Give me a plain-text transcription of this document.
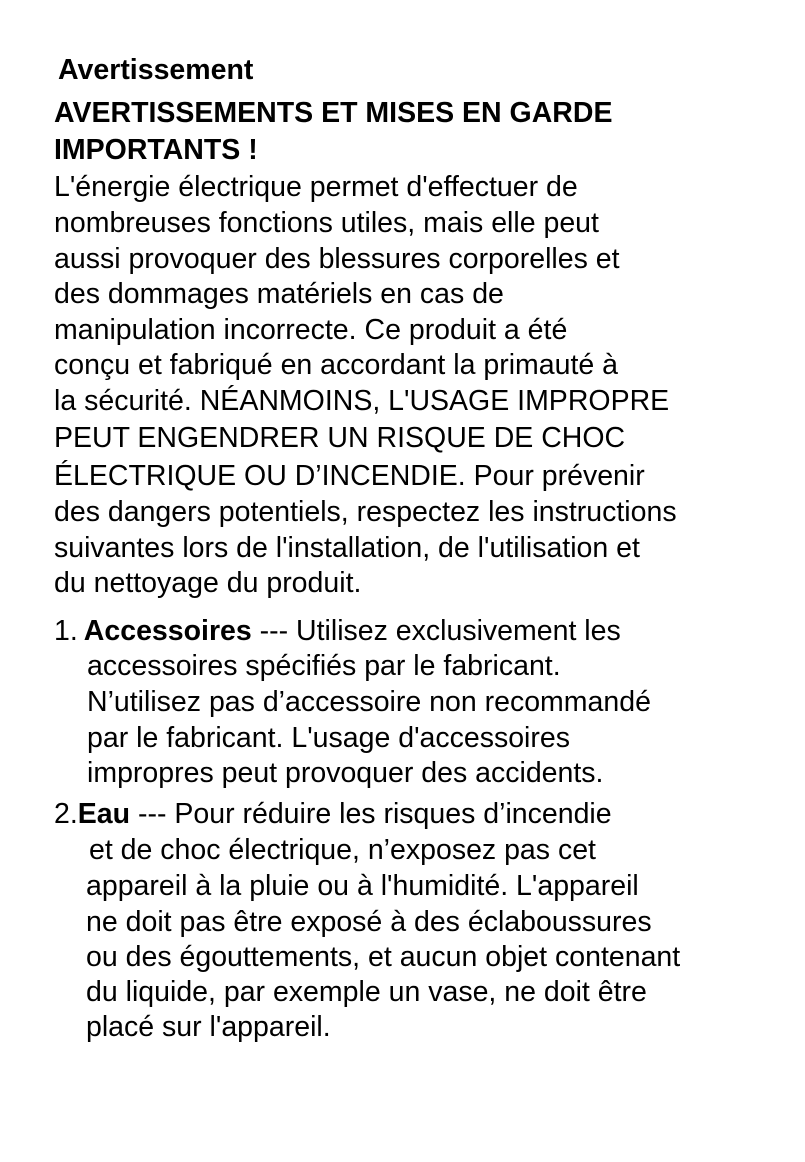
Avertissement

AVERTISSEMENTS ET MISES EN GARDE

IMPORTANTS !

L'énergie électrique permet d'effectuer de

nombreuses fonctions utiles, mais elle peut

aussi provoquer des blessures corporelles et

des dommages matériels en cas de

manipulation incorrecte. Ce produit a été

conçu et fabriqué en accordant la primauté à

la sécurité. NÉANMOINS, L'USAGE IMPROPRE

PEUT ENGENDRER UN RISQUE DE CHOC

ÉLECTRIQUE OU D’INCENDIE. Pour prévenir

des dangers potentiels, respectez les instructions

suivantes lors de l'installation, de l'utilisation et

du nettoyage du produit.

1. Accessoires --- Utilisez exclusivement les

accessoires spécifiés par le fabricant.

N’utilisez pas d’accessoire non recommandé

par le fabricant. L'usage d'accessoires

impropres peut provoquer des accidents.

2.Eau --- Pour réduire les risques d’incendie

et de choc électrique, n’exposez pas cet

appareil à la pluie ou à l'humidité. L'appareil

ne doit pas être exposé à des éclaboussures

ou des égouttements, et aucun objet contenant

du liquide, par exemple un vase, ne doit être

placé sur l'appareil.
